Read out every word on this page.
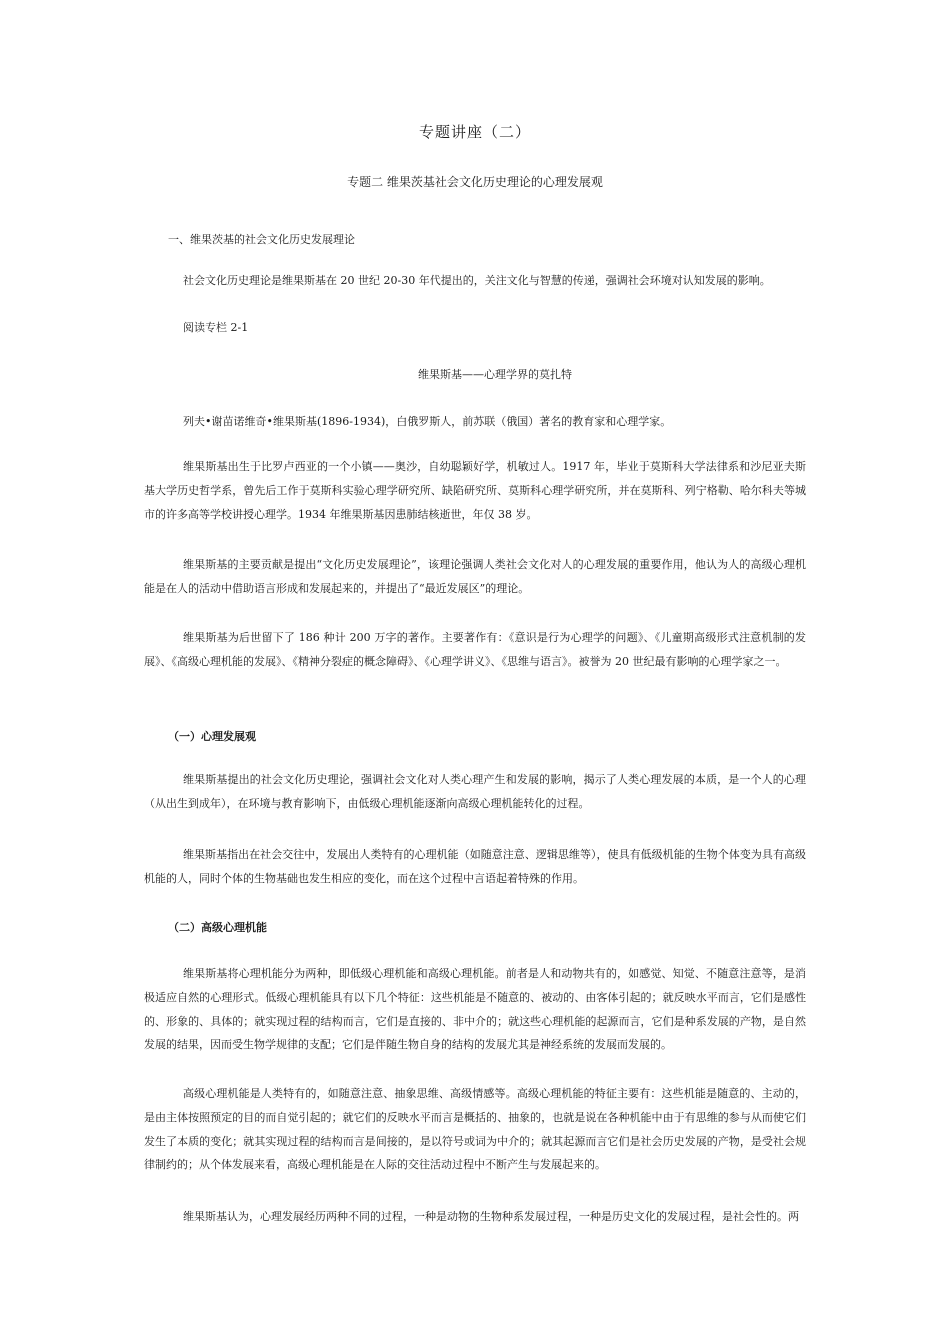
专题讲座（二）
专题二 维果茨基社会文化历史理论的心理发展观
一、维果茨基的社会文化历史发展理论
社会文化历史理论是维果斯基在 20 世纪 20-30 年代提出的，关注文化与智慧的传递，强调社会环境对认知发展的影响。
阅读专栏 2-1
维果斯基——心理学界的莫扎特
列夫•谢苗诺维奇•维果斯基(1896-1934)，白俄罗斯人，前苏联（俄国）著名的教育家和心理学家。
维果斯基出生于比罗卢西亚的一个小镇——奥沙，自幼聪颖好学，机敏过人。1917 年，毕业于莫斯科大学法律系和沙尼亚夫斯基大学历史哲学系，曾先后工作于莫斯科实验心理学研究所、缺陷研究所、莫斯科心理学研究所，并在莫斯科、列宁格勒、哈尔科夫等城市的许多高等学校讲授心理学。1934 年维果斯基因患肺结核逝世，年仅 38 岁。
维果斯基的主要贡献是提出“文化历史发展理论”，该理论强调人类社会文化对人的心理发展的重要作用，他认为人的高级心理机能是在人的活动中借助语言形成和发展起来的，并提出了“最近发展区”的理论。
维果斯基为后世留下了 186 种计 200 万字的著作。主要著作有：《意识是行为心理学的问题》、《儿童期高级形式注意机制的发展》、《高级心理机能的发展》、《精神分裂症的概念障碍》、《心理学讲义》、《思维与语言》。被誉为 20 世纪最有影响的心理学家之一。
（一）心理发展观
维果斯基提出的社会文化历史理论，强调社会文化对人类心理产生和发展的影响，揭示了人类心理发展的本质，是一个人的心理（从出生到成年），在环境与教育影响下，由低级心理机能逐渐向高级心理机能转化的过程。
维果斯基指出在社会交往中，发展出人类特有的心理机能（如随意注意、逻辑思维等），使具有低级机能的生物个体变为具有高级机能的人，同时个体的生物基础也发生相应的变化，而在这个过程中言语起着特殊的作用。
（二）高级心理机能
维果斯基将心理机能分为两种，即低级心理机能和高级心理机能。前者是人和动物共有的，如感觉、知觉、不随意注意等，是消极适应自然的心理形式。低级心理机能具有以下几个特征：这些机能是不随意的、被动的、由客体引起的；就反映水平而言，它们是感性的、形象的、具体的；就实现过程的结构而言，它们是直接的、非中介的；就这些心理机能的起源而言，它们是种系发展的产物，是自然发展的结果，因而受生物学规律的支配；它们是伴随生物自身的结构的发展尤其是神经系统的发展而发展的。
高级心理机能是人类特有的，如随意注意、抽象思维、高级情感等。高级心理机能的特征主要有：这些机能是随意的、主动的，是由主体按照预定的目的而自觉引起的；就它们的反映水平而言是概括的、抽象的，也就是说在各种机能中由于有思维的参与从而使它们发生了本质的变化；就其实现过程的结构而言是间接的，是以符号或词为中介的；就其起源而言它们是社会历史发展的产物，是受社会规律制约的；从个体发展来看，高级心理机能是在人际的交往活动过程中不断产生与发展起来的。
维果斯基认为，心理发展经历两种不同的过程，一种是动物的生物种系发展过程，一种是历史文化的发展过程，是社会性的。两
